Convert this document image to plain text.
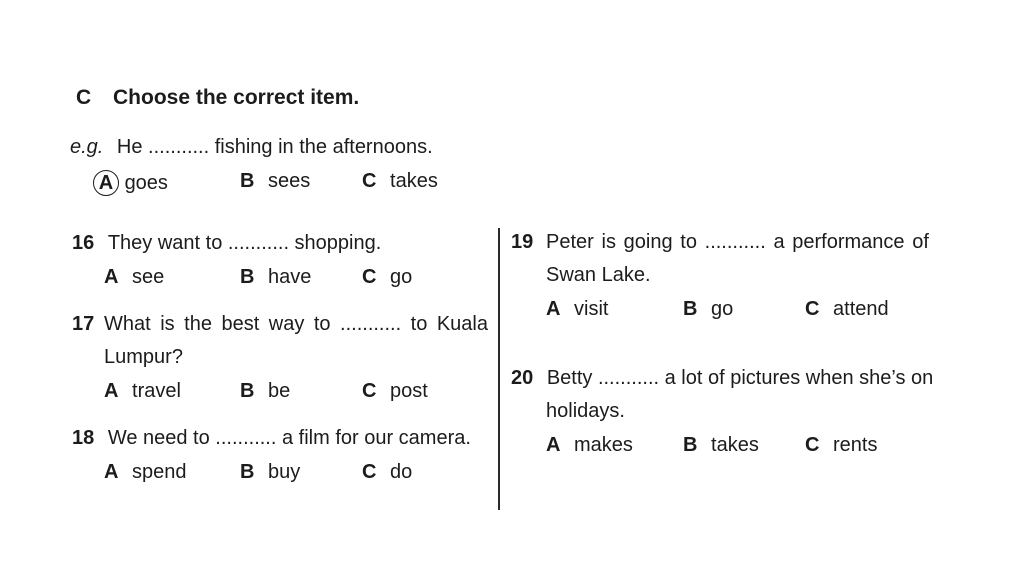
C Choose the correct item.
e.g. He ........... fishing in the afternoons.
A goes	B sees	C takes
16 They want to ........... shopping.
A see	B have	C go
17 What is the best way to ........... to Kuala
Lumpur?
A travel	B be	C post
18 We need to ........... a film for our camera.
A spend	B buy	C do
19 Peter is going to ........... a performance of
Swan Lake.
A visit	B go	C attend
20 Betty ........... a lot of pictures when she’s on
holidays.
A makes	B takes C rents
